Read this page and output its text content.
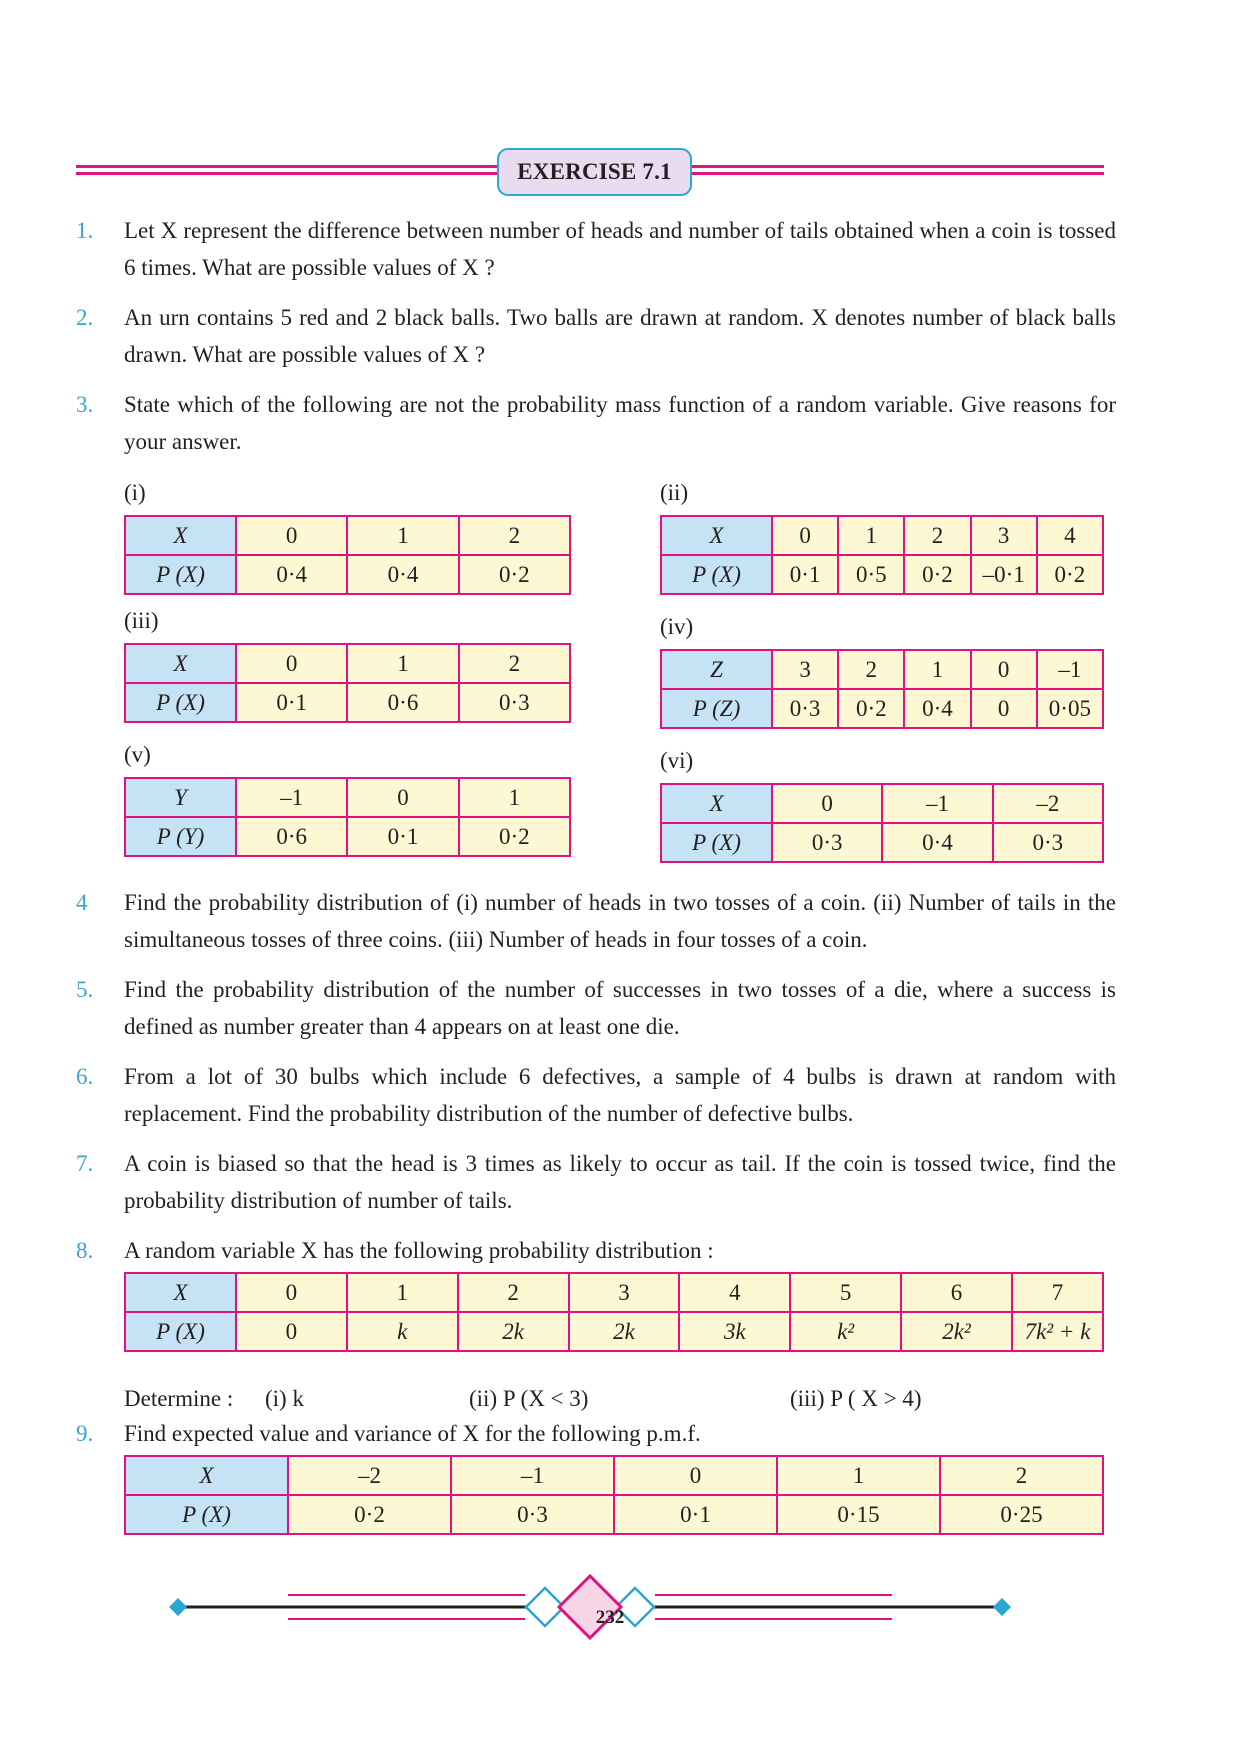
EXERCISE 7.1
1. Let X represent the difference between number of heads and number of tails obtained when a coin is tossed 6 times. What are possible values of X ?
2. An urn contains 5 red and 2 black balls. Two balls are drawn at random. X denotes number of black balls drawn. What are possible values of X ?
3. State which of the following are not the probability mass function of a random variable. Give reasons for your answer.
(i)
X	0	1	2
P (X)	0·4	0·4	0·2
(ii)
X	0	1	2	3	4
P (X)	0·1	0·5	0·2	–0·1	0·2
(iii)
X	0	1	2
P (X)	0·1	0·6	0·3
(iv)
Z	3	2	1	0	–1
P (Z)	0·3	0·2	0·4	0	0·05
(v)
Y	–1	0	1
P (Y)	0·6	0·1	0·2
(vi)
X	0	–1	–2
P (X)	0·3	0·4	0·3
4 Find the probability distribution of (i) number of heads in two tosses of a coin. (ii) Number of tails in the simultaneous tosses of three coins. (iii) Number of heads in four tosses of a coin.
5. Find the probability distribution of the number of successes in two tosses of a die, where a success is defined as number greater than 4 appears on at least one die.
6. From a lot of 30 bulbs which include 6 defectives, a sample of 4 bulbs is drawn at random with replacement. Find the probability distribution of the number of defective bulbs.
7. A coin is biased so that the head is 3 times as likely to occur as tail. If the coin is tossed twice, find the probability distribution of number of tails.
8. A random variable X has the following probability distribution :
X	0	1	2	3	4	5	6	7
P (X)	0	k	2k	2k	3k	k²	2k²	7k² + k
Determine : (i) k	(ii) P (X < 3)	(iii) P ( X > 4)
9. Find expected value and variance of X for the following p.m.f.
X	–2	–1	0	1	2
P (X)	0·2	0·3	0·1	0·15	0·25
232
